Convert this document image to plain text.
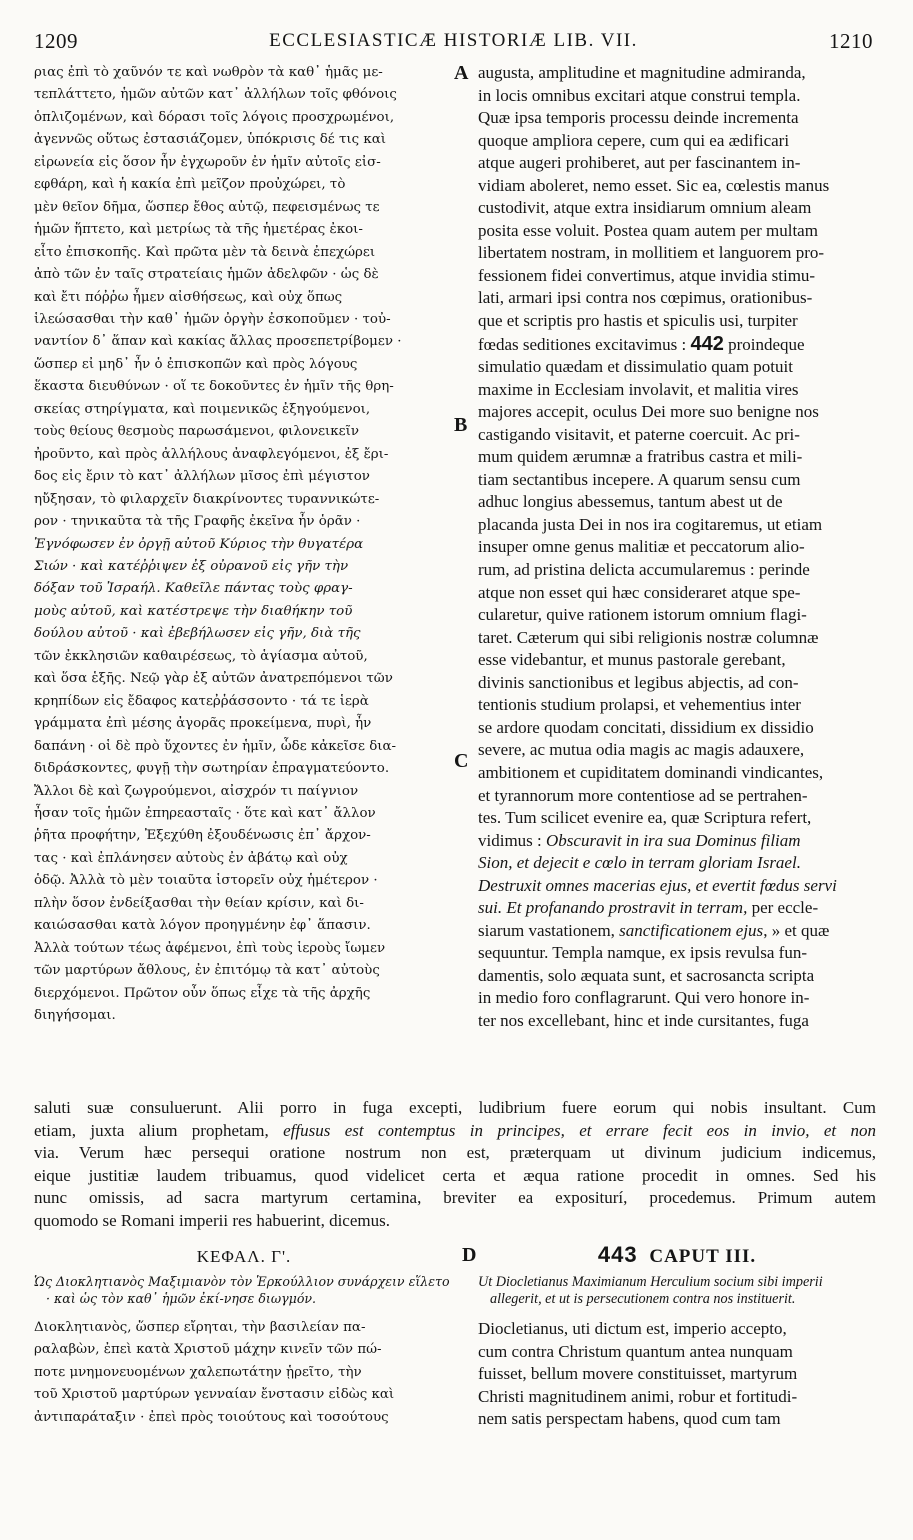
1209	ECCLESIASTICÆ HISTORIÆ LIB. VII.	1210
A
B
C
D
ριας ἐπὶ τὸ χαῦνόν τε καὶ νωθρὸν τὰ καθ᾽ ἡμᾶς με-
τεπλάττετο, ἡμῶν αὐτῶν κατ᾽ ἀλλήλων τοῖς φθόνοις
ὁπλιζομένων, καὶ δόρασι τοῖς λόγοις προσχρωμένοι,
ἀγεννῶς οὕτως ἐστασιάζομεν, ὑπόκρισις δέ τις καὶ
εἰρωνεία εἰς ὅσον ἦν ἐγχωροῦν ἐν ἡμῖν αὐτοῖς εἰσ-
εφθάρη, καὶ ἡ κακία ἐπὶ μεῖζον προὐχώρει, τὸ
μὲν θεῖον δῆμα, ὥσπερ ἔθος αὐτῷ, πεφεισμένως τε
ἡμῶν ἥπτετο, καὶ μετρίως τὰ τῆς ἡμετέρας ἐκοι-
εἶτο ἐπισκοπῆς. Καὶ πρῶτα μὲν τὰ δεινὰ ἐπεχώρει
ἀπὸ τῶν ἐν ταῖς στρατείαις ἡμῶν ἀδελφῶν · ὡς δὲ
καὶ ἔτι πόῤῥω ἦμεν αἰσθήσεως, καὶ οὐχ ὅπως
ἱλεώσασθαι τὴν καθ᾽ ἡμῶν ὀργὴν ἐσκοποῦμεν · τοὐ-
ναντίον δ᾽ ἅπαν καὶ κακίας ἄλλας προσεπετρίβομεν ·
ὥσπερ εἰ μηδ᾽ ἦν ὁ ἐπισκοπῶν καὶ πρὸς λόγους
ἕκαστα διευθύνων · οἵ τε δοκοῦντες ἐν ἡμῖν τῆς θρη-
σκείας στηρίγματα, καὶ ποιμενικῶς ἐξηγούμενοι,
τοὺς θείους θεσμοὺς παρωσάμενοι, φιλονεικεῖν
ἠροῦντο, καὶ πρὸς ἀλλήλους ἀναφλεγόμενοι, ἐξ ἔρι-
δος εἰς ἔριν τὸ κατ᾽ ἀλλήλων μῖσος ἐπὶ μέγιστον
ηὔξησαν, τὸ φιλαρχεῖν διακρίνοντες τυραννικώτε-
ρον · τηνικαῦτα τὰ τῆς Γραφῆς ἐκεῖνα ἦν ὁρᾶν ·
Ἐγνόφωσεν ἐν ὀργῇ αὐτοῦ Κύριος τὴν θυγατέρα
Σιών · καὶ κατέῤῥιψεν ἐξ οὐρανοῦ εἰς γῆν τὴν
δόξαν τοῦ Ἰσραήλ. Καθεῖλε πάντας τοὺς φραγ-
μοὺς αὐτοῦ, καὶ κατέστρεψε τὴν διαθήκην τοῦ
δούλου αὐτοῦ · καὶ ἐβεβήλωσεν εἰς γῆν, διὰ τῆς
τῶν ἐκκλησιῶν καθαιρέσεως, τὸ ἁγίασμα αὐτοῦ,
καὶ ὅσα ἑξῆς. Νεῷ γὰρ ἐξ αὐτῶν ἀνατρεπόμενοι τῶν
κρηπίδων εἰς ἔδαφος κατεῤῥάσσοντο · τά τε ἱερὰ
γράμματα ἐπὶ μέσης ἀγορᾶς προκείμενα, πυρὶ, ἦν
δαπάνη · οἱ δὲ πρὸ ὔχοντες ἐν ἡμῖν, ὧδε κἀκεῖσε δια-
διδράσκοντες, φυγῇ τὴν σωτηρίαν ἐπραγματεύοντο.
Ἄλλοι δὲ καὶ ζωγρούμενοι, αἰσχρόν τι παίγνιον
ἦσαν τοῖς ἡμῶν ἐπηρεασταῖς · ὅτε καὶ κατ᾽ ἄλλον
ῥῆτα προφήτην, Ἐξεχύθη ἐξουδένωσις ἐπ᾽ ἄρχον-
τας · καὶ ἐπλάνησεν αὐτοὺς ἐν ἀβάτῳ καὶ οὐχ
ὁδῷ. Ἀλλὰ τὸ μὲν τοιαῦτα ἱστορεῖν οὐχ ἡμέτερον ·
πλὴν ὅσον ἐνδείξασθαι τὴν θείαν κρίσιν, καὶ δι-
καιώσασθαι κατὰ λόγον προηγμένην ἐφ᾽ ἅπασιν.
Ἀλλὰ τούτων τέως ἀφέμενοι, ἐπὶ τοὺς ἱεροὺς ἴωμεν
τῶν μαρτύρων ἄθλους, ἐν ἐπιτόμῳ τὰ κατ᾽ αὐτοὺς
διερχόμενοι. Πρῶτον οὖν ὅπως εἶχε τὰ τῆς ἀρχῆς
διηγήσομαι.
augusta, amplitudine et magnitudine admiranda,
in locis omnibus excitari atque construi templa.
Quæ ipsa temporis processu deinde incrementa
quoque ampliora cepere, cum qui ea ædificari
atque augeri prohiberet, aut per fascinantem in-
vidiam aboleret, nemo esset. Sic ea, cœlestis manus
custodivit, atque extra insidiarum omnium aleam
posita esse voluit. Postea quam autem per multam
libertatem nostram, in mollitiem et languorem pro-
fessionem fidei convertimus, atque invidia stimu-
lati, armari ipsi contra nos cœpimus, orationibus-
que et scriptis pro hastis et spiculis usi, turpiter
fœdas seditiones excitavimus : 442 proindeque
simulatio quædam et dissimulatio quam potuit
maxime in Ecclesiam involavit, et malitia vires
majores accepit, oculus Dei more suo benigne nos
castigando visitavit, et paterne coercuit. Ac pri-
mum quidem ærumnæ a fratribus castra et mili-
tiam sectantibus incepere. A quarum sensu cum
adhuc longius abessemus, tantum abest ut de
placanda justa Dei in nos ira cogitaremus, ut etiam
insuper omne genus malitiæ et peccatorum alio-
rum, ad pristina delicta accumularemus : perinde
atque non esset qui hæc consideraret atque spe-
cularetur, quive rationem istorum omnium flagi-
taret. Cæterum qui sibi religionis nostræ columnæ
esse videbantur, et munus pastorale gerebant,
divinis sanctionibus et legibus abjectis, ad con-
tentionis studium prolapsi, et vehementius inter
se ardore quodam concitati, dissidium ex dissidio
severe, ac mutua odia magis ac magis adauxere,
ambitionem et cupiditatem dominandi vindicantes,
et tyrannorum more contentiose ad se pertrahen-
tes. Tum scilicet evenire ea, quæ Scriptura refert,
vidimus : Obscuravit in ira sua Dominus filiam
Sion, et dejecit e cœlo in terram gloriam Israel.
Destruxit omnes macerias ejus, et evertit fœdus servi
sui. Et profanando prostravit in terram, per eccle-
siarum vastationem, sanctificationem ejus, » et quæ
sequuntur. Templa namque, ex ipsis revulsa fun-
damentis, solo æquata sunt, et sacrosancta scripta
in medio foro conflagrarunt. Qui vero honore in-
ter nos excellebant, hinc et inde cursitantes, fuga
saluti suæ consuluerunt. Alii porro in fuga excepti, ludibrium fuere eorum qui nobis insultant. Cum
etiam, juxta alium prophetam, effusus est contemptus in principes, et errare fecit eos in invio, et non
via. Verum hæc persequi oratione nostrum non est, præterquam ut divinum judicium indicemus,
eique justitiæ laudem tribuamus, quod videlicet certa et æqua ratione procedit in omnes. Sed his
nunc omissis, ad sacra martyrum certamina, breviter ea expositurí, procedemus. Primum autem
quomodo se Romani imperii res habuerint, dicemus.
ΚΕΦΑΛ. Γ'.
Ὡς Διοκλητιανὸς Μαξιμιανὸν τὸν Ἑρκούλλιον συνάρχειν εἵλετο · καὶ ὡς τὸν καθ᾽ ἡμῶν ἐκί-νησε διωγμόν.
Διοκλητιανὸς, ὥσπερ εἴρηται, τὴν βασιλείαν πα-
ραλαβὼν, ἐπεὶ κατὰ Χριστοῦ μάχην κινεῖν τῶν πώ-
ποτε μνημονευομένων χαλεπωτάτην ᾑρεῖτο, τὴν
τοῦ Χριστοῦ μαρτύρων γενναίαν ἔνστασιν εἰδὼς καὶ
ἀντιπαράταξιν · ἐπεὶ πρὸς τοιούτους καὶ τοσούτους
443 CAPUT III.
Ut Diocletianus Maximianum Herculium socium sibi imperii allegerit, et ut is persecutionem contra nos instituerit.
Diocletianus, uti dictum est, imperio accepto,
cum contra Christum quantum antea nunquam
fuisset, bellum movere constituisset, martyrum
Christi magnitudinem animi, robur et fortitudi-
nem satis perspectam habens, quod cum tam
